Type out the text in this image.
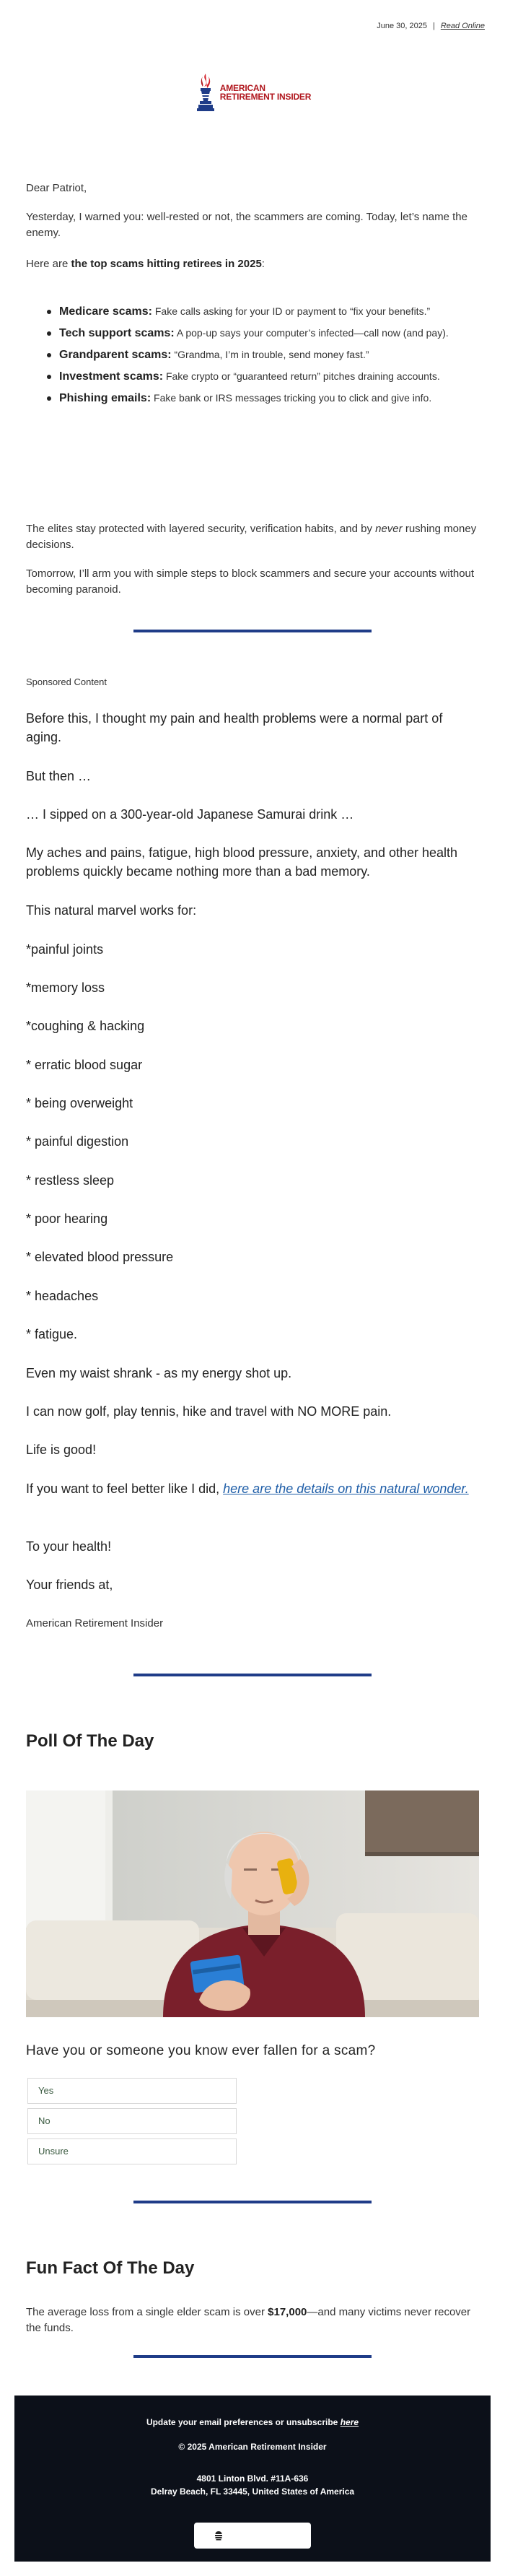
June 30, 2025 | Read Online
AMERICAN
RETIREMENT INSIDER

Dear Patriot,

Yesterday, I warned you: well-rested or not, the scammers are coming. Today, let’s name the enemy.

Here are the top scams hitting retirees in 2025:

Medicare scams: Fake calls asking for your ID or payment to “fix your benefits.”
Tech support scams: A pop-up says your computer’s infected—call now (and pay).
Grandparent scams: “Grandma, I’m in trouble, send money fast.”
Investment scams: Fake crypto or “guaranteed return” pitches draining accounts.
Phishing emails: Fake bank or IRS messages tricking you to click and give info.

The elites stay protected with layered security, verification habits, and by never rushing money decisions.

Tomorrow, I’ll arm you with simple steps to block scammers and secure your accounts without becoming paranoid.

Sponsored Content

Before this, I thought my pain and health problems were a normal part of aging.

But then …

… I sipped on a 300-year-old Japanese Samurai drink …

My aches and pains, fatigue, high blood pressure, anxiety, and other health problems quickly became nothing more than a bad memory.

This natural marvel works for:

*painful joints

*memory loss

*coughing & hacking

* erratic blood sugar

* being overweight

* painful digestion

* restless sleep

* poor hearing

* elevated blood pressure

* headaches

* fatigue.

Even my waist shrank - as my energy shot up.

I can now golf, play tennis, hike and travel with NO MORE pain.

Life is good!

If you want to feel better like I did, here are the details on this natural wonder.

To your health!

Your friends at,

American Retirement Insider

Poll Of The Day

Have you or someone you know ever fallen for a scam?

Yes
No
Unsure

Fun Fact Of The Day

The average loss from a single elder scam is over $17,000—and many victims never recover the funds.

Update your email preferences or unsubscribe here
© 2025 American Retirement Insider
4801 Linton Blvd. #11A-636
Delray Beach, FL 33445, United States of America
Powered by beehiiv
